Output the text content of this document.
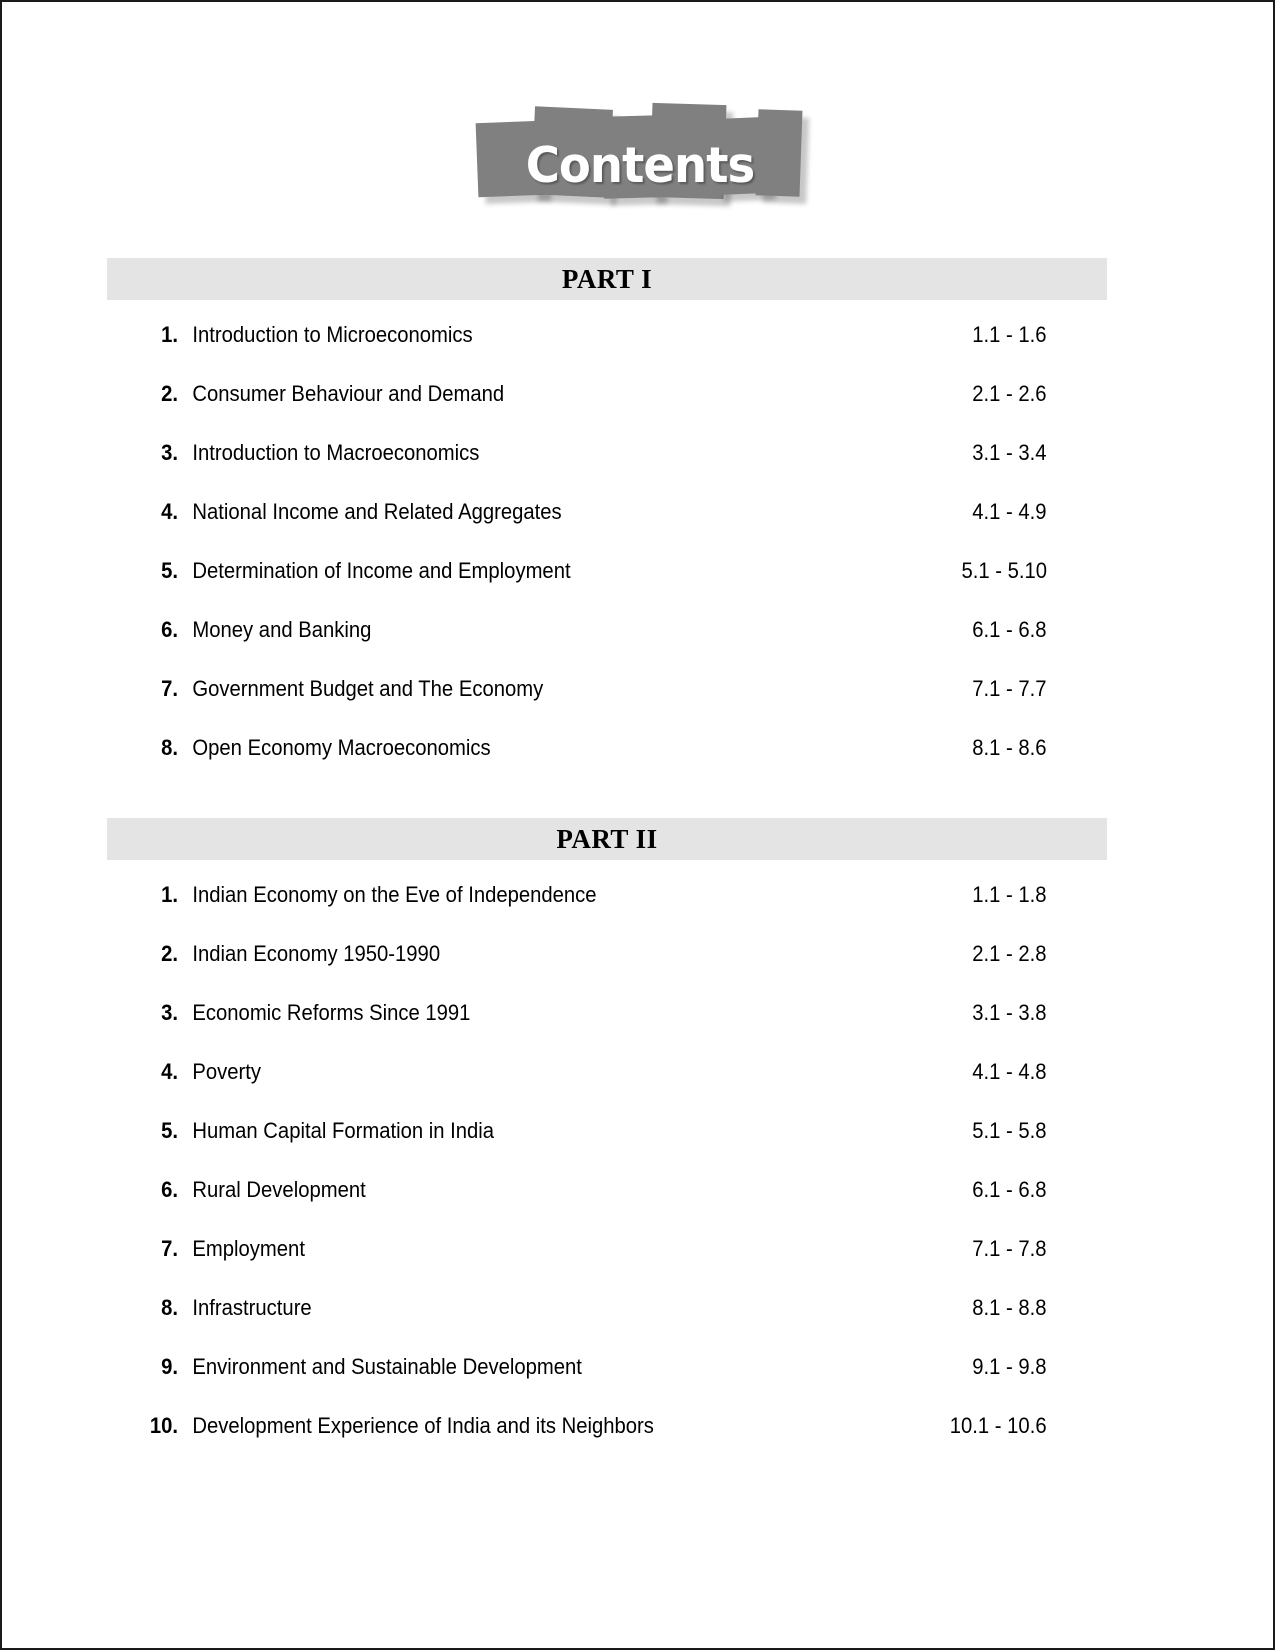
Contents
PART I
1. Introduction to Microeconomics	1.1 - 1.6
2. Consumer Behaviour and Demand	2.1 - 2.6
3. Introduction to Macroeconomics	3.1 - 3.4
4. National Income and Related Aggregates	4.1 - 4.9
5. Determination of Income and Employment	5.1 - 5.10
6. Money and Banking	6.1 - 6.8
7. Government Budget and The Economy	7.1 - 7.7
8. Open Economy Macroeconomics	8.1 - 8.6
PART II
1. Indian Economy on the Eve of Independence	1.1 - 1.8
2. Indian Economy 1950-1990	2.1 - 2.8
3. Economic Reforms Since 1991	3.1 - 3.8
4. Poverty	4.1 - 4.8
5. Human Capital Formation in India	5.1 - 5.8
6. Rural Development	6.1 - 6.8
7. Employment	7.1 - 7.8
8. Infrastructure	8.1 - 8.8
9. Environment and Sustainable Development	9.1 - 9.8
10. Development Experience of India and its Neighbors	10.1 - 10.6
